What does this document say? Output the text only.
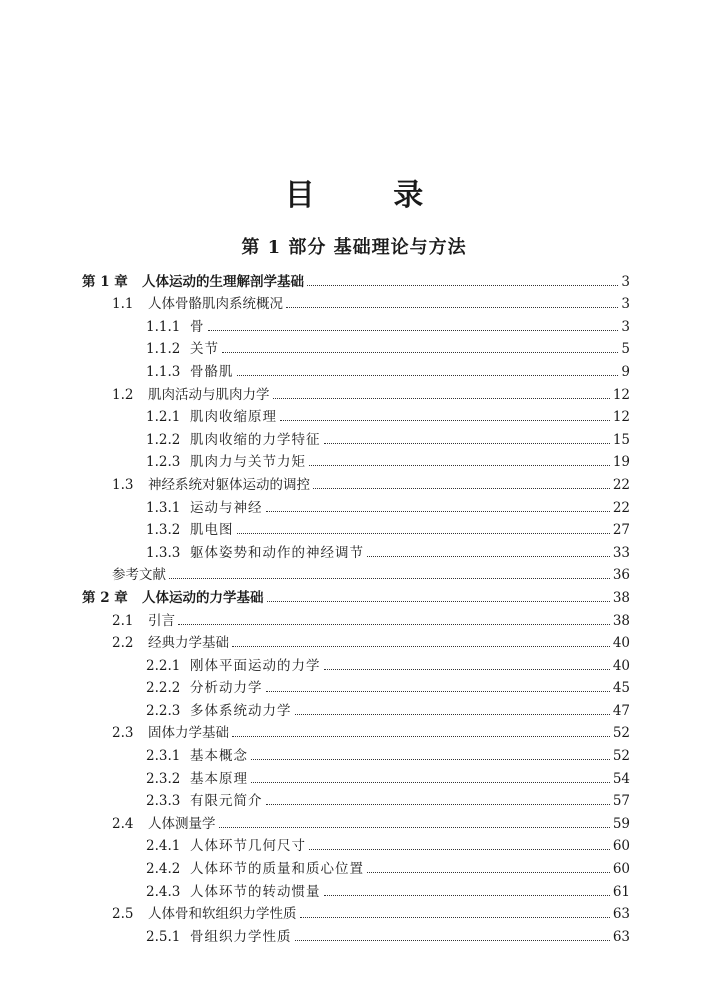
目 录
第 1 部分 基础理论与方法
第 1 章	人体运动的生理解剖学基础	3
1.1	人体骨骼肌肉系统概况	3
1.1.1 骨	3
1.1.2 关节	5
1.1.3 骨骼肌	9
1.2	肌肉活动与肌肉力学	12
1.2.1 肌肉收缩原理	12
1.2.2 肌肉收缩的力学特征	15
1.2.3 肌肉力与关节力矩	19
1.3	神经系统对躯体运动的调控	22
1.3.1 运动与神经	22
1.3.2 肌电图	27
1.3.3 躯体姿势和动作的神经调节	33
参考文献	36
第 2 章	人体运动的力学基础	38
2.1	引言	38
2.2	经典力学基础	40
2.2.1 刚体平面运动的力学	40
2.2.2 分析动力学	45
2.2.3 多体系统动力学	47
2.3	固体力学基础	52
2.3.1 基本概念	52
2.3.2 基本原理	54
2.3.3 有限元简介	57
2.4	人体测量学	59
2.4.1 人体环节几何尺寸	60
2.4.2 人体环节的质量和质心位置	60
2.4.3 人体环节的转动惯量	61
2.5	人体骨和软组织力学性质	63
2.5.1 骨组织力学性质	63
